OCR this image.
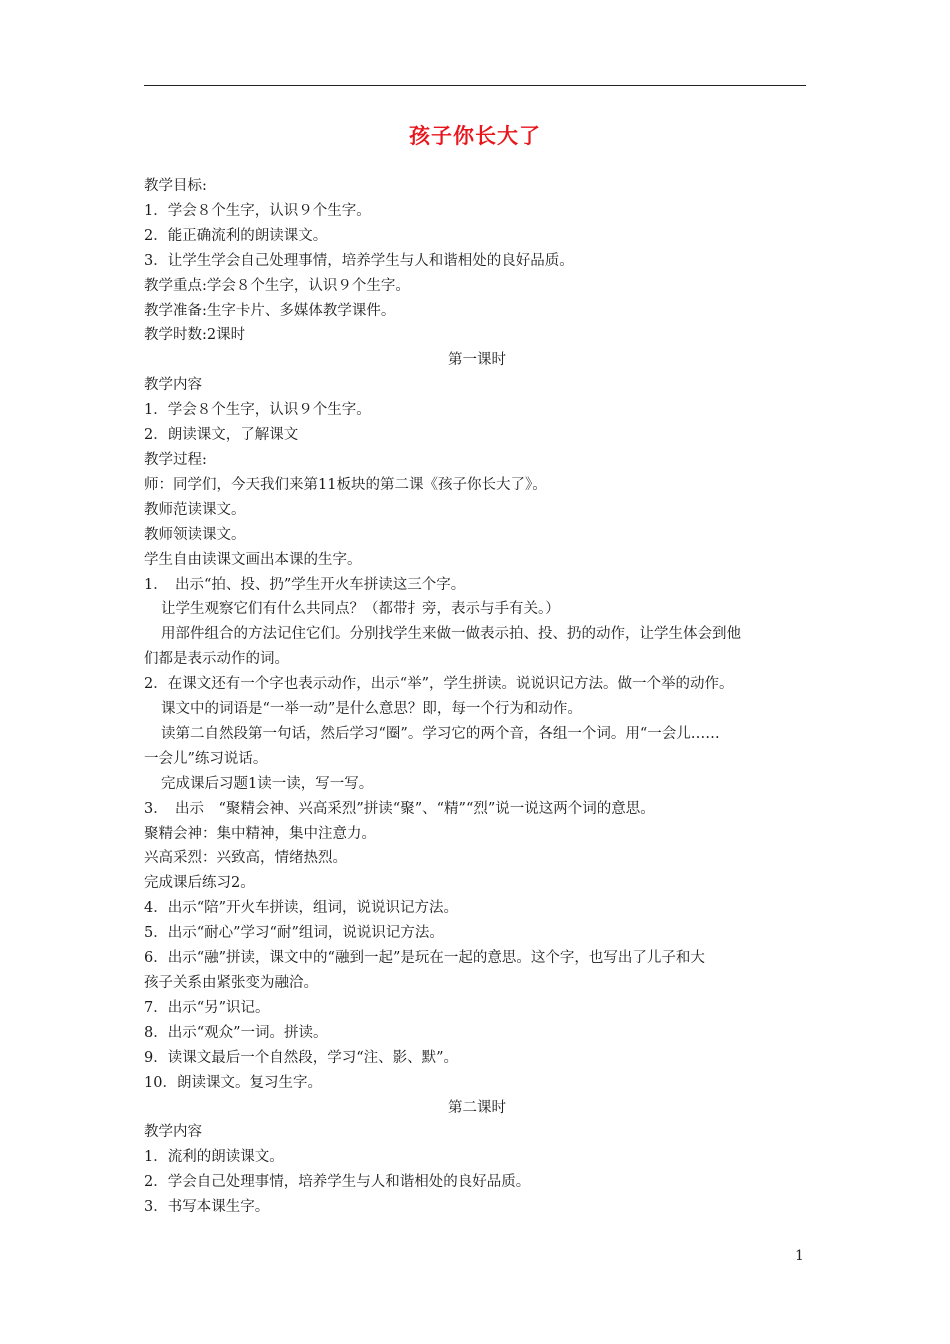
孩子你长大了
教学目标:
1．学会８个生字，认识９个生字。
2．能正确流利的朗读课文。
3．让学生学会自己处理事情，培养学生与人和谐相处的良好品质。
教学重点:学会８个生字，认识９个生字。
教学准备:生字卡片、多媒体教学课件。
教学时数:2课时
第一课时
教学内容
1．学会８个生字，认识９个生字。
2．朗读课文，了解课文
教学过程:
师：同学们，今天我们来第11板块的第二课《孩子你长大了》。
教师范读课文。
教师领读课文。
学生自由读课文画出本课的生字。
1．　出示“拍、投、扔”学生开火车拼读这三个字。
让学生观察它们有什么共同点？（都带扌旁，表示与手有关。）
用部件组合的方法记住它们。分别找学生来做一做表示拍、投、扔的动作，让学生体会到他
们都是表示动作的词。
2．在课文还有一个字也表示动作，出示“举”，学生拼读。说说识记方法。做一个举的动作。
课文中的词语是“一举一动”是什么意思？即，每一个行为和动作。
读第二自然段第一句话，然后学习“圈”。学习它的两个音，各组一个词。用“一会儿……
一会儿”练习说话。
完成课后习题1读一读，写一写。
3．　出示　“聚精会神、兴高采烈”拼读“聚”、“精”“烈”说一说这两个词的意思。
聚精会神：集中精神，集中注意力。
兴高采烈：兴致高，情绪热烈。
完成课后练习2。
4．出示“陪”开火车拼读，组词，说说识记方法。
5．出示“耐心”学习“耐”组词，说说识记方法。
6．出示“融”拼读，课文中的“融到一起”是玩在一起的意思。这个字，也写出了儿子和大
孩子关系由紧张变为融洽。
7．出示“另”识记。
8．出示“观众”一词。拼读。
9．读课文最后一个自然段，学习“注、影、默”。
10．朗读课文。复习生字。
第二课时
教学内容
1．流利的朗读课文。
2．学会自己处理事情，培养学生与人和谐相处的良好品质。
3．书写本课生字。
1
